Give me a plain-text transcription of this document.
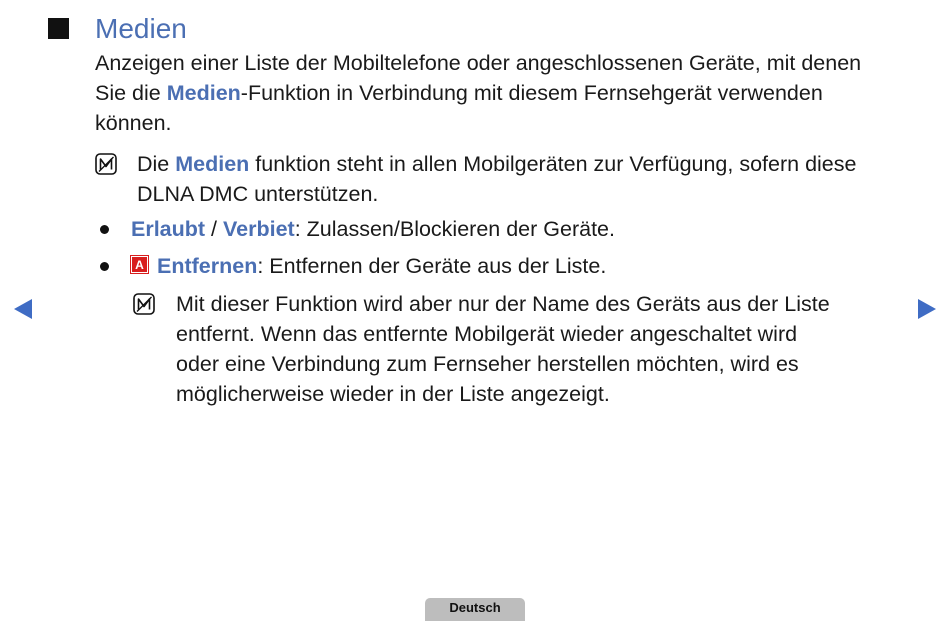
Medien
Anzeigen einer Liste der Mobiltelefone oder angeschlossenen Geräte, mit denen
Sie die Medien-Funktion in Verbindung mit diesem Fernsehgerät verwenden
können.
Die Medien funktion steht in allen Mobilgeräten zur Verfügung, sofern diese
DLNA DMC unterstützen.
Erlaubt / Verbiet: Zulassen/Blockieren der Geräte.
A Entfernen: Entfernen der Geräte aus der Liste.
Mit dieser Funktion wird aber nur der Name des Geräts aus der Liste
entfernt. Wenn das entfernte Mobilgerät wieder angeschaltet wird
oder eine Verbindung zum Fernseher herstellen möchten, wird es
möglicherweise wieder in der Liste angezeigt.
Deutsch
